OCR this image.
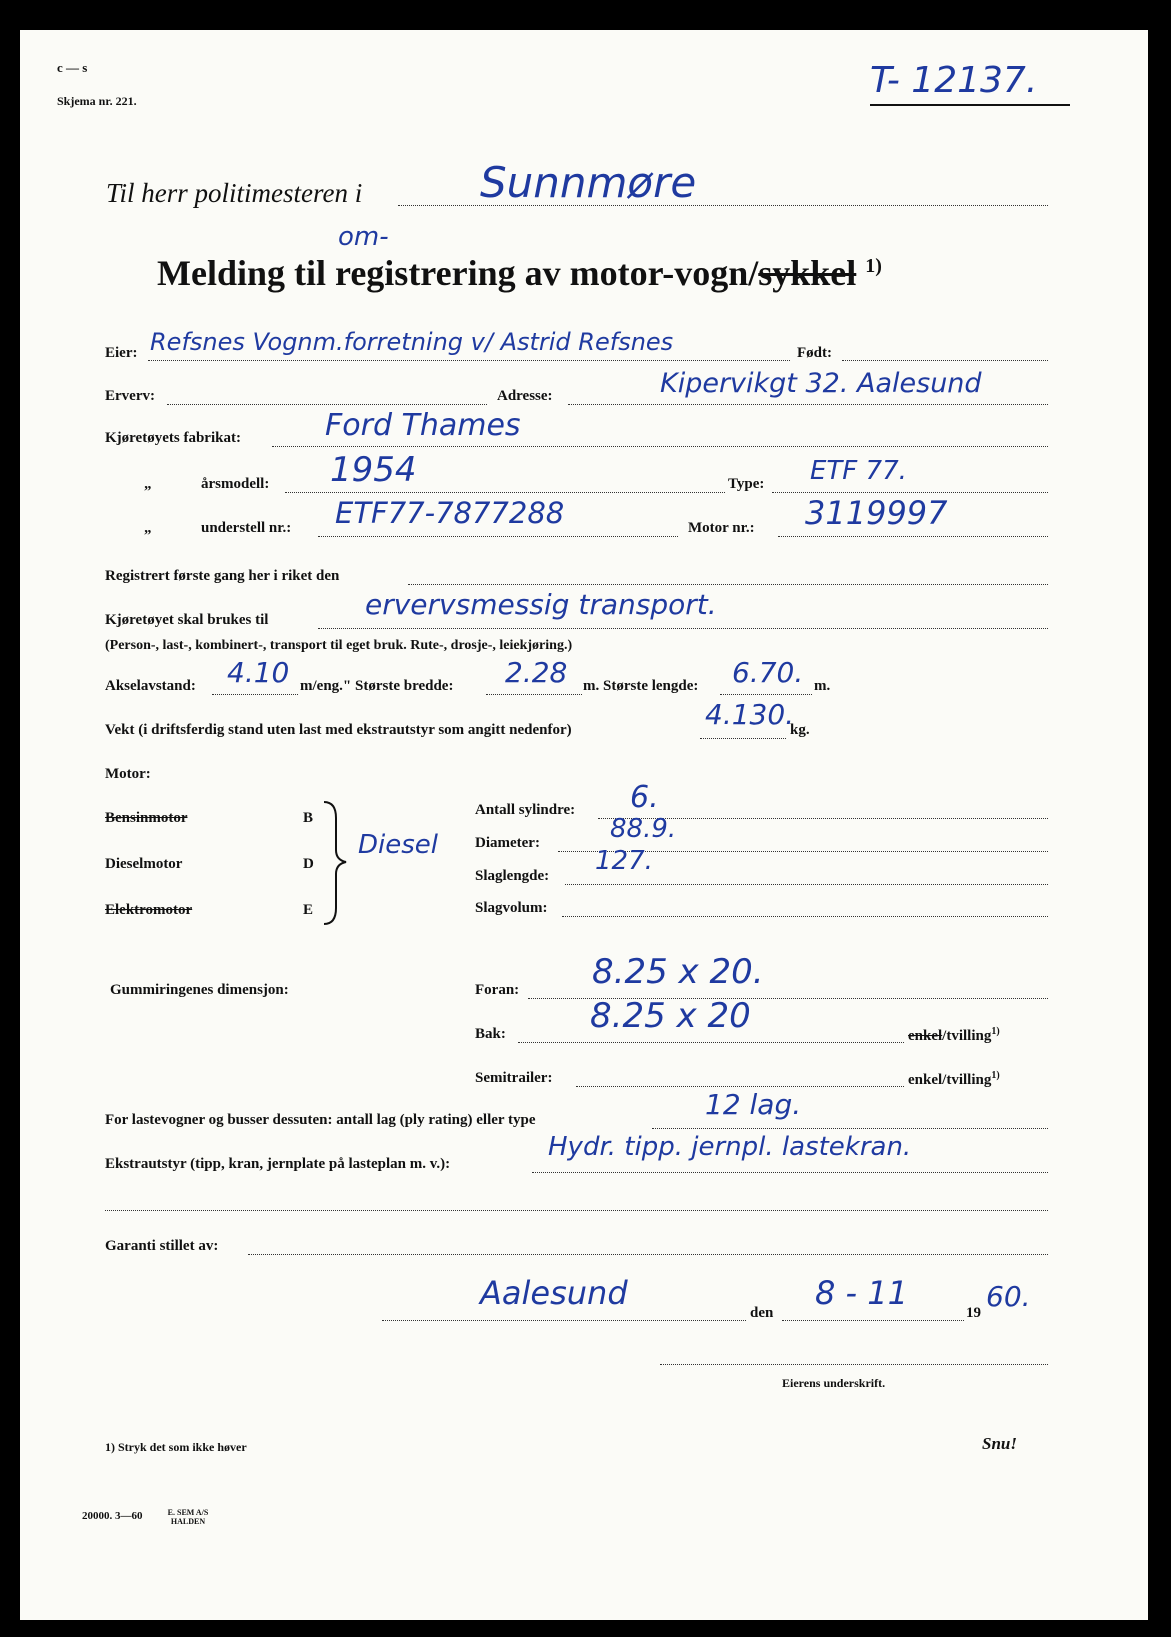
c — s
Skjema nr. 221.	T- 12137.
Til herr politimesteren i	Sunnmøre
Melding til registrering av motor-vogn/sykkel $^{1)}$
om-
Eier: Refsnes Vognm.forretning v/ Astrid Refsnes	Født:
Erverv:	Adresse:	Kipervikgt 32. Aalesund
Kjøretøyets fabrikat:	Ford Thames
„	årsmodell: 1954	Type: ETF 77.
„	understell nr.: ETF77-7877288	Motor nr.: 3119997
Registrert første gang her i riket den
Kjøretøyet skal brukes til	ervervsmessig transport.
(Person-, last-, kombinert-, transport til eget bruk. Rute-, drosje-, leiekjøring.)
Akselavstand: 4.10 m/eng." Største bredde: 2.28 m. Største lengde: 6.70. m.
Vekt (i driftsferdig stand uten last med ekstrautstyr som angitt nedenfor)	4.130.
kg.
Motor:
Bensinmotor	B
Dieselmotor	D
Elektromotor	E
Diesel
Antall sylindre: 6.
Diameter:	88.9.
Slaglengde: 127.
Slagvolum:
Gummiringenes dimensjon:	Foran: 8.25 x 20.
Bak: 8.25 x 20	enkel/tvilling$^{1)}$
Semitrailer:	enkel/tvilling$^{1)}$
For lastevogner og busser dessuten: antall lag (ply rating) eller type	12 lag.
Ekstrautstyr (tipp, kran, jernplate på lasteplan m. v.):
Hydr. tipp. jernpl. lastekran.
Garanti stillet av:
Aalesund
den
8 - 11
19 60.
Eierens underskrift.
1) Stryk det som ikke høver	Snu!
20000. 3—60	E. SEM A/S HALDEN
